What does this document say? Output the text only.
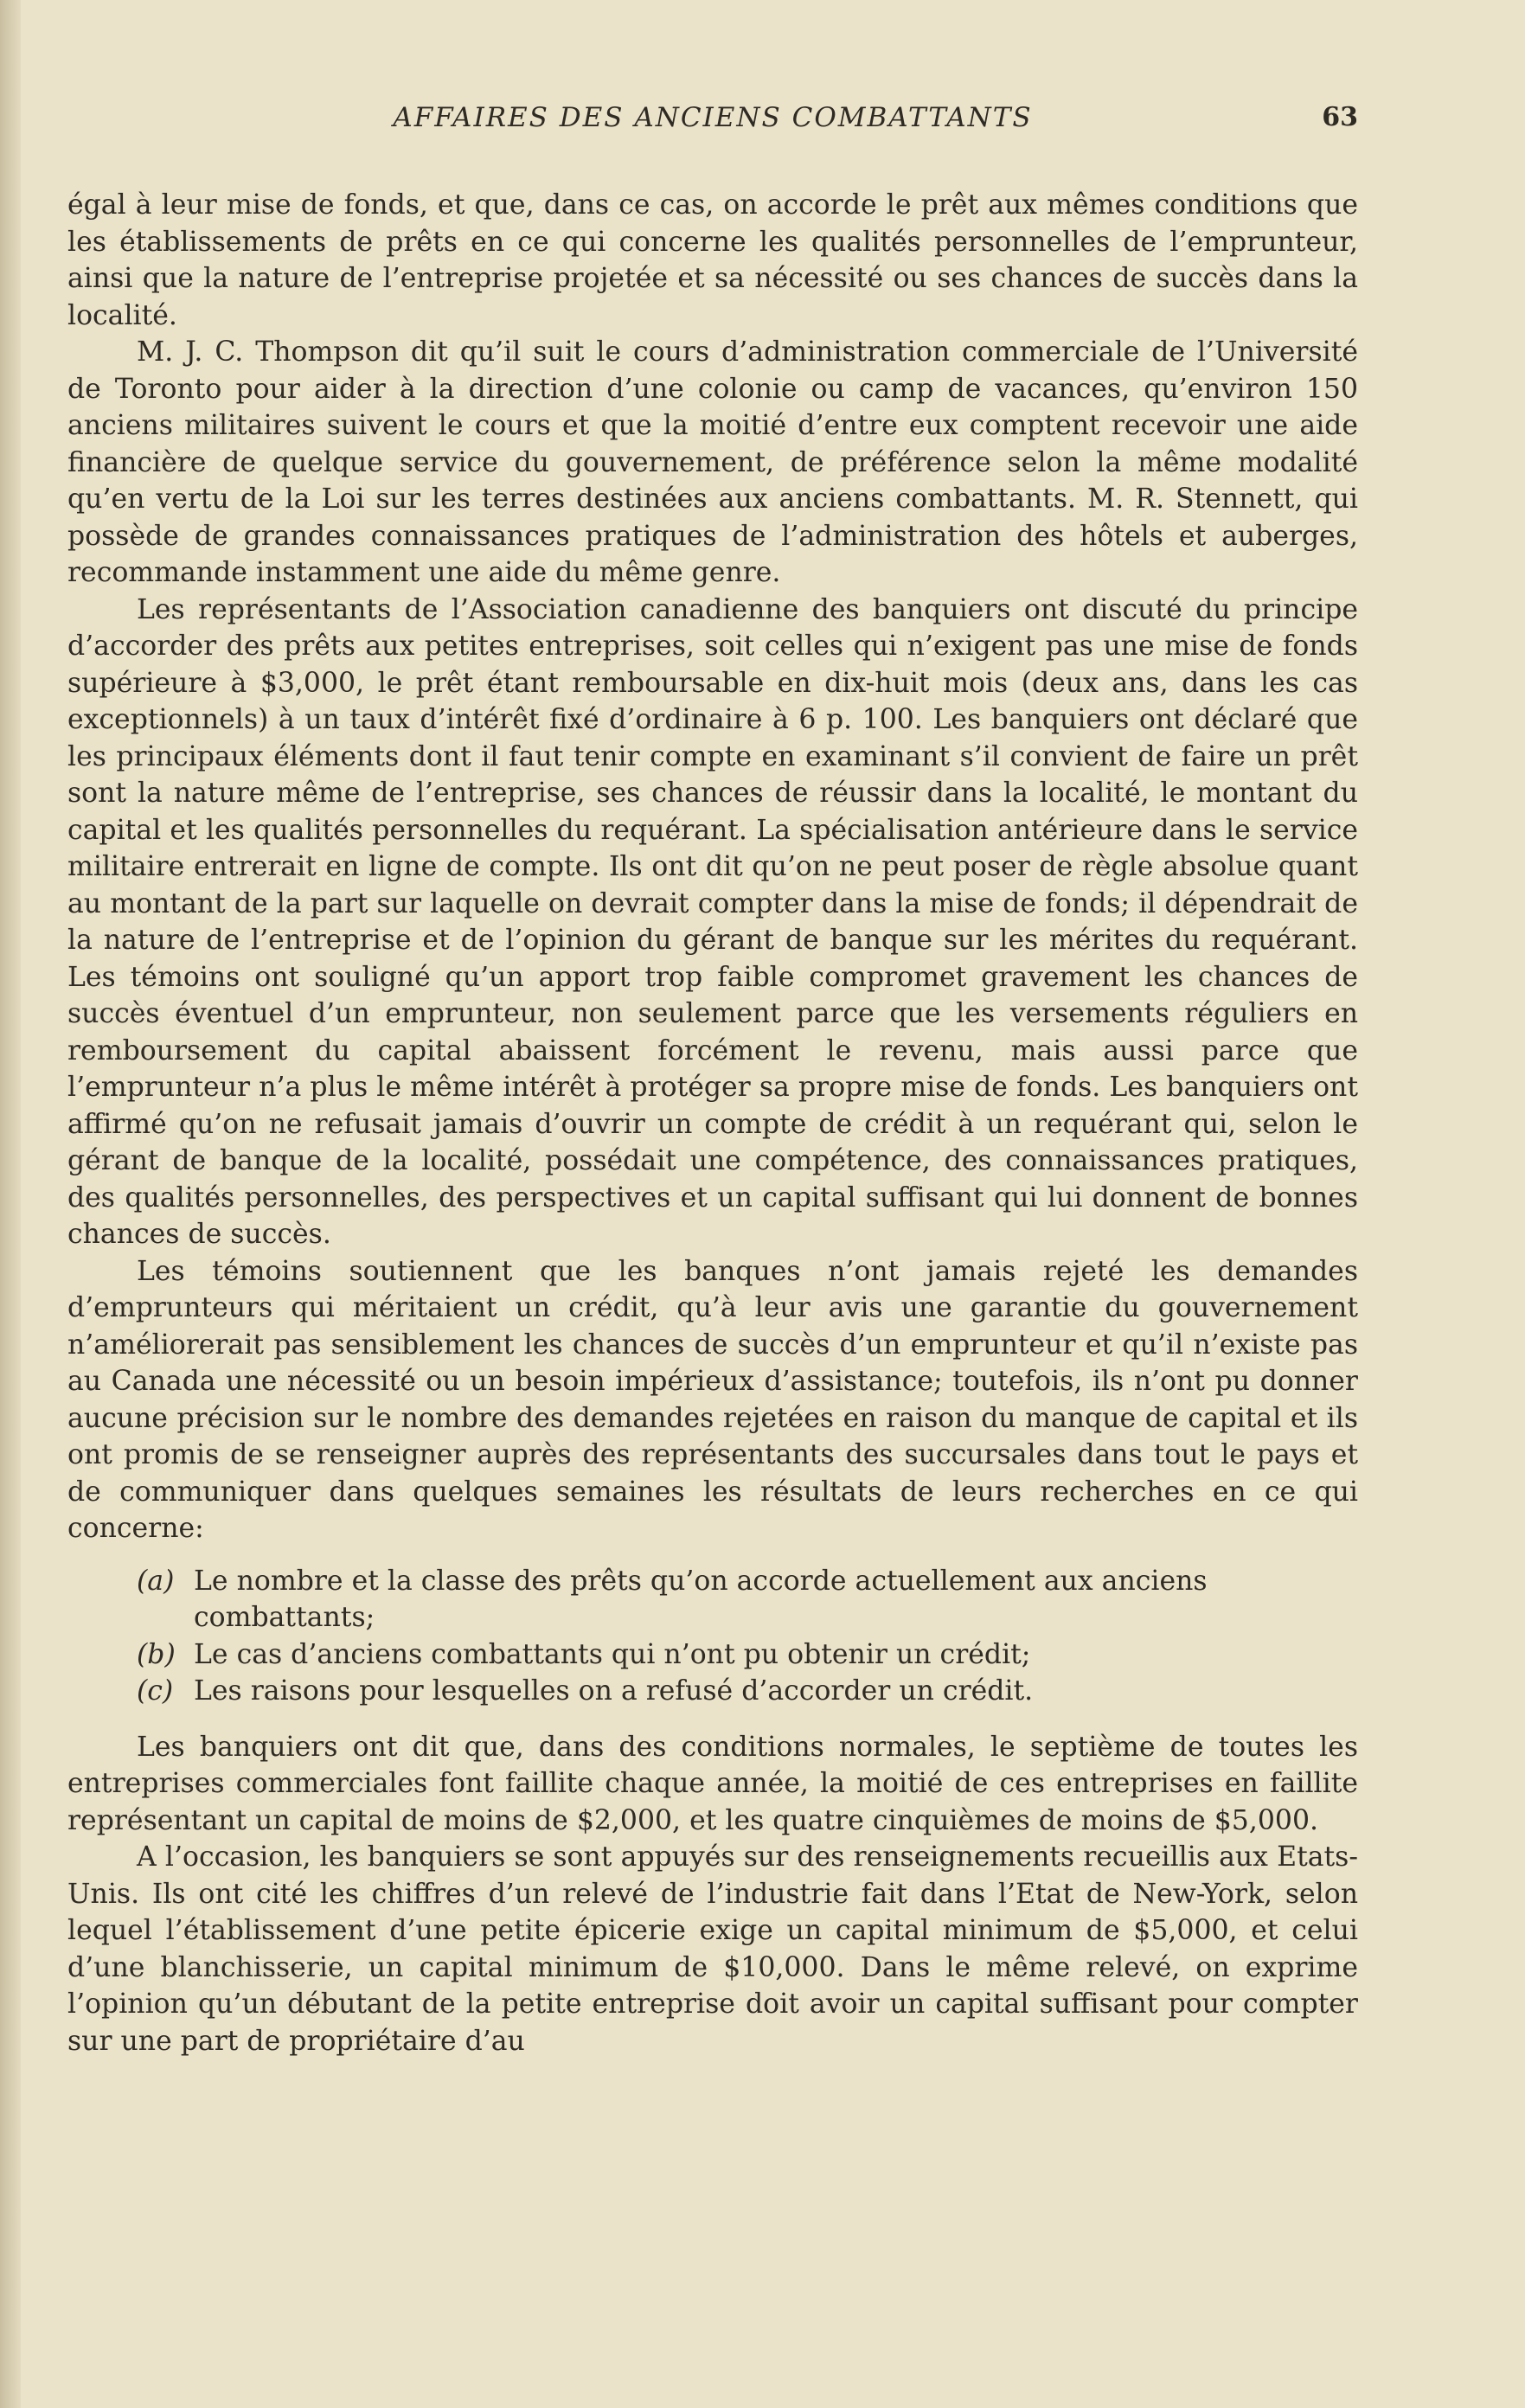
AFFAIRES DES ANCIENS COMBATTANTS	63

égal à leur mise de fonds, et que, dans ce cas, on accorde le prêt aux mêmes conditions que les établissements de prêts en ce qui concerne les qualités personnelles de l’emprunteur, ainsi que la nature de l’entreprise projetée et sa nécessité ou ses chances de succès dans la localité.

M. J. C. Thompson dit qu’il suit le cours d’administration commerciale de l’Université de Toronto pour aider à la direction d’une colonie ou camp de vacances, qu’environ 150 anciens militaires suivent le cours et que la moitié d’entre eux comptent recevoir une aide financière de quelque service du gouvernement, de préférence selon la même modalité qu’en vertu de la Loi sur les terres destinées aux anciens combattants. M. R. Stennett, qui possède de grandes connaissances pratiques de l’administration des hôtels et auberges, recommande instamment une aide du même genre.

Les représentants de l’Association canadienne des banquiers ont discuté du principe d’accorder des prêts aux petites entreprises, soit celles qui n’exigent pas une mise de fonds supérieure à $3,000, le prêt étant remboursable en dix-huit mois (deux ans, dans les cas exceptionnels) à un taux d’intérêt fixé d’ordinaire à 6 p. 100. Les banquiers ont déclaré que les principaux éléments dont il faut tenir compte en examinant s’il convient de faire un prêt sont la nature même de l’entreprise, ses chances de réussir dans la localité, le montant du capital et les qualités personnelles du requérant. La spécialisation antérieure dans le service militaire entrerait en ligne de compte. Ils ont dit qu’on ne peut poser de règle absolue quant au montant de la part sur laquelle on devrait compter dans la mise de fonds; il dépendrait de la nature de l’entreprise et de l’opinion du gérant de banque sur les mérites du requérant. Les témoins ont souligné qu’un apport trop faible compromet gravement les chances de succès éventuel d’un emprunteur, non seulement parce que les versements réguliers en remboursement du capital abaissent forcément le revenu, mais aussi parce que l’emprunteur n’a plus le même intérêt à protéger sa propre mise de fonds. Les banquiers ont affirmé qu’on ne refusait jamais d’ouvrir un compte de crédit à un requérant qui, selon le gérant de banque de la localité, possédait une compétence, des connaissances pratiques, des qualités personnelles, des perspectives et un capital suffisant qui lui donnent de bonnes chances de succès.

Les témoins soutiennent que les banques n’ont jamais rejeté les demandes d’emprunteurs qui méritaient un crédit, qu’à leur avis une garantie du gouvernement n’améliorerait pas sensiblement les chances de succès d’un emprunteur et qu’il n’existe pas au Canada une nécessité ou un besoin impérieux d’assistance; toutefois, ils n’ont pu donner aucune précision sur le nombre des demandes rejetées en raison du manque de capital et ils ont promis de se renseigner auprès des représentants des succursales dans tout le pays et de communiquer dans quelques semaines les résultats de leurs recherches en ce qui concerne:

(a) Le nombre et la classe des prêts qu’on accorde actuellement aux anciens combattants;
(b) Le cas d’anciens combattants qui n’ont pu obtenir un crédit;
(c) Les raisons pour lesquelles on a refusé d’accorder un crédit.

Les banquiers ont dit que, dans des conditions normales, le septième de toutes les entreprises commerciales font faillite chaque année, la moitié de ces entreprises en faillite représentant un capital de moins de $2,000, et les quatre cinquièmes de moins de $5,000.

A l’occasion, les banquiers se sont appuyés sur des renseignements recueillis aux Etats-Unis. Ils ont cité les chiffres d’un relevé de l’industrie fait dans l’Etat de New-York, selon lequel l’établissement d’une petite épicerie exige un capital minimum de $5,000, et celui d’une blanchisserie, un capital minimum de $10,000. Dans le même relevé, on exprime l’opinion qu’un débutant de la petite entreprise doit avoir un capital suffisant pour compter sur une part de propriétaire d’au
